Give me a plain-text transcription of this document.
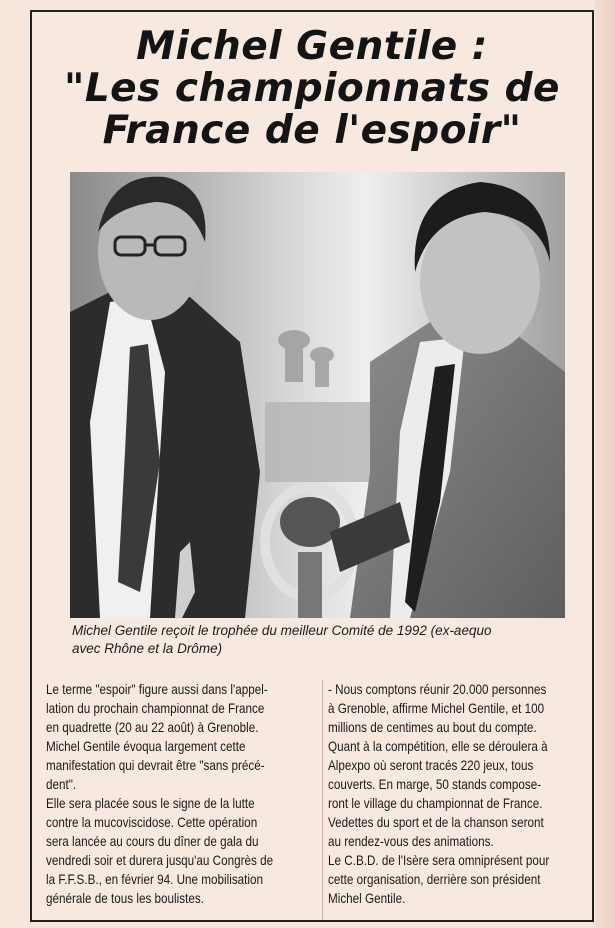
Michel Gentile :
"Les championnats de
France de l'espoir"
Michel Gentile reçoit le trophée du meilleur Comité de 1992 (ex-aequo
avec Rhône et la Drôme)

Le terme "espoir" figure aussi dans l'appel-

lation du prochain championnat de France

en quadrette (20 au 22 août) à Grenoble.

Michel Gentile évoqua largement cette

manifestation qui devrait être "sans précé-

dent".

Elle sera placée sous le signe de la lutte

contre la mucoviscidose. Cette opération

sera lancée au cours du dîner de gala du

vendredi soir et durera jusqu'au Congrès de

la F.F.S.B., en février 94. Une mobilisation

générale de tous les boulistes.

- Nous comptons réunir 20.000 personnes

à Grenoble, affirme Michel Gentile, et 100

millions de centimes au bout du compte.

Quant à la compétition, elle se déroulera à

Alpexpo où seront tracés 220 jeux, tous

couverts. En marge, 50 stands compose-

ront le village du championnat de France.

Vedettes du sport et de la chanson seront

au rendez-vous des animations.

Le C.B.D. de l'Isère sera omniprésent pour

cette organisation, derrière son président

Michel Gentile.
